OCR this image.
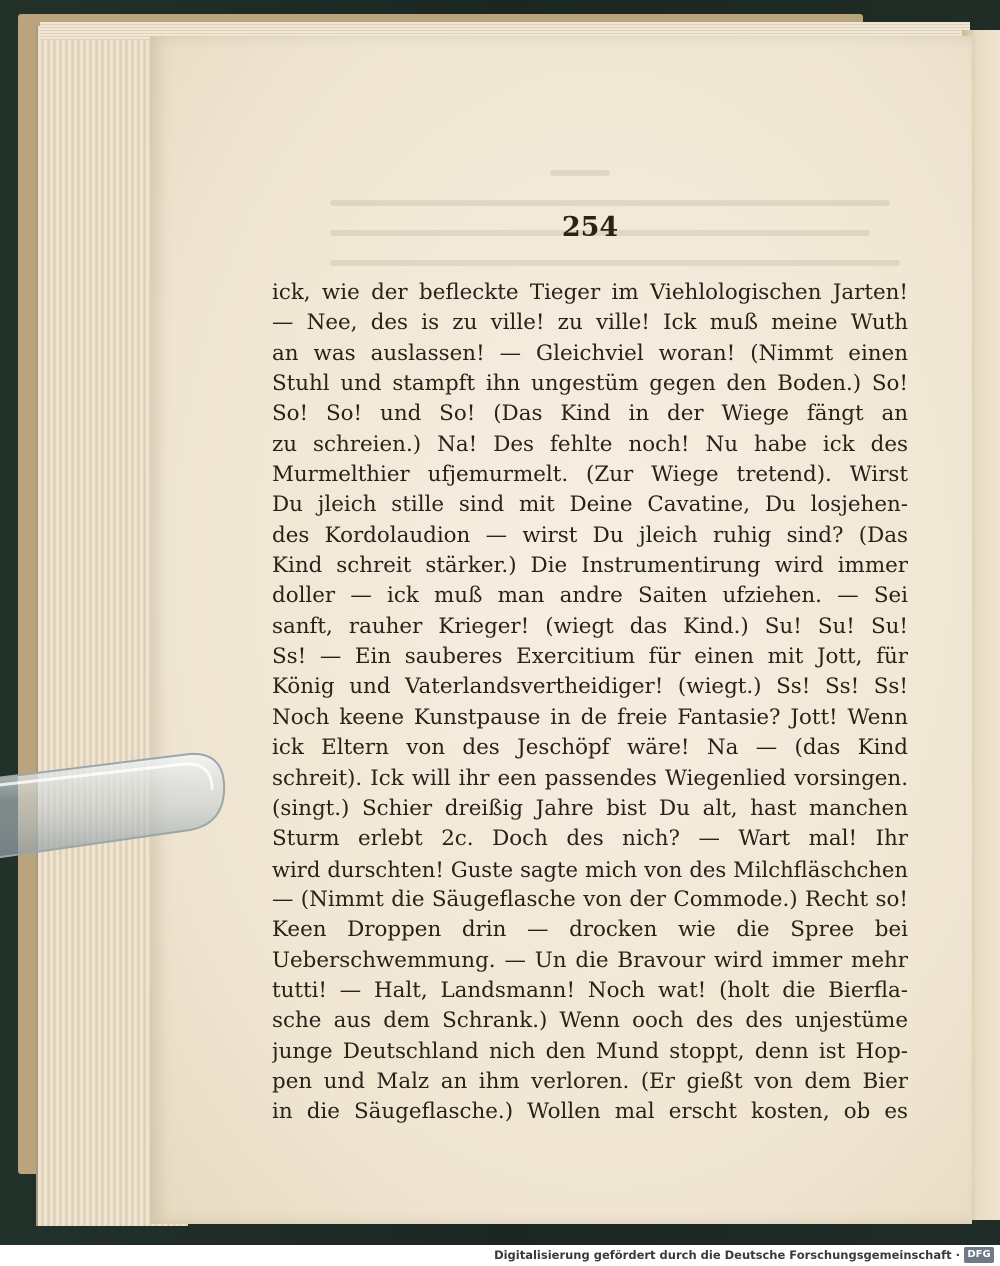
254
ick, wie der befleckte Tieger im Viehlologischen Jarten!
— Nee, des is zu ville! zu ville! Ick muß meine Wuth
an was auslassen! — Gleichviel woran! (Nimmt einen
Stuhl und stampft ihn ungestüm gegen den Boden.) So!
So! So! und So! (Das Kind in der Wiege fängt an
zu schreien.) Na! Des fehlte noch! Nu habe ick des
Murmelthier ufjemurmelt. (Zur Wiege tretend). Wirst
Du jleich stille sind mit Deine Cavatine, Du losjehen-
des Kordolaudion — wirst Du jleich ruhig sind? (Das
Kind schreit stärker.) Die Instrumentirung wird immer
doller — ick muß man andre Saiten ufziehen. — Sei
sanft, rauher Krieger! (wiegt das Kind.) Su! Su! Su!
Ss! — Ein sauberes Exercitium für einen mit Jott, für
König und Vaterlandsvertheidiger! (wiegt.) Ss! Ss! Ss!
Noch keene Kunstpause in de freie Fantasie? Jott! Wenn
ick Eltern von des Jeschöpf wäre! Na — (das Kind
schreit). Ick will ihr een passendes Wiegenlied vorsingen.
(singt.) Schier dreißig Jahre bist Du alt, hast manchen
Sturm erlebt 2c. Doch des nich? — Wart mal! Ihr
wird durschten! Guste sagte mich von des Milchfläschchen
— (Nimmt die Säugeflasche von der Commode.) Recht so!
Keen Droppen drin — drocken wie die Spree bei
Ueberschwemmung. — Un die Bravour wird immer mehr
tutti! — Halt, Landsmann! Noch wat! (holt die Bierfla-
sche aus dem Schrank.) Wenn ooch des des unjestüme
junge Deutschland nich den Mund stoppt, denn ist Hop-
pen und Malz an ihm verloren. (Er gießt von dem Bier
in die Säugeflasche.) Wollen mal erscht kosten, ob es
Digitalisierung gefördert durch die Deutsche Forschungsgemeinschaft · DFG
